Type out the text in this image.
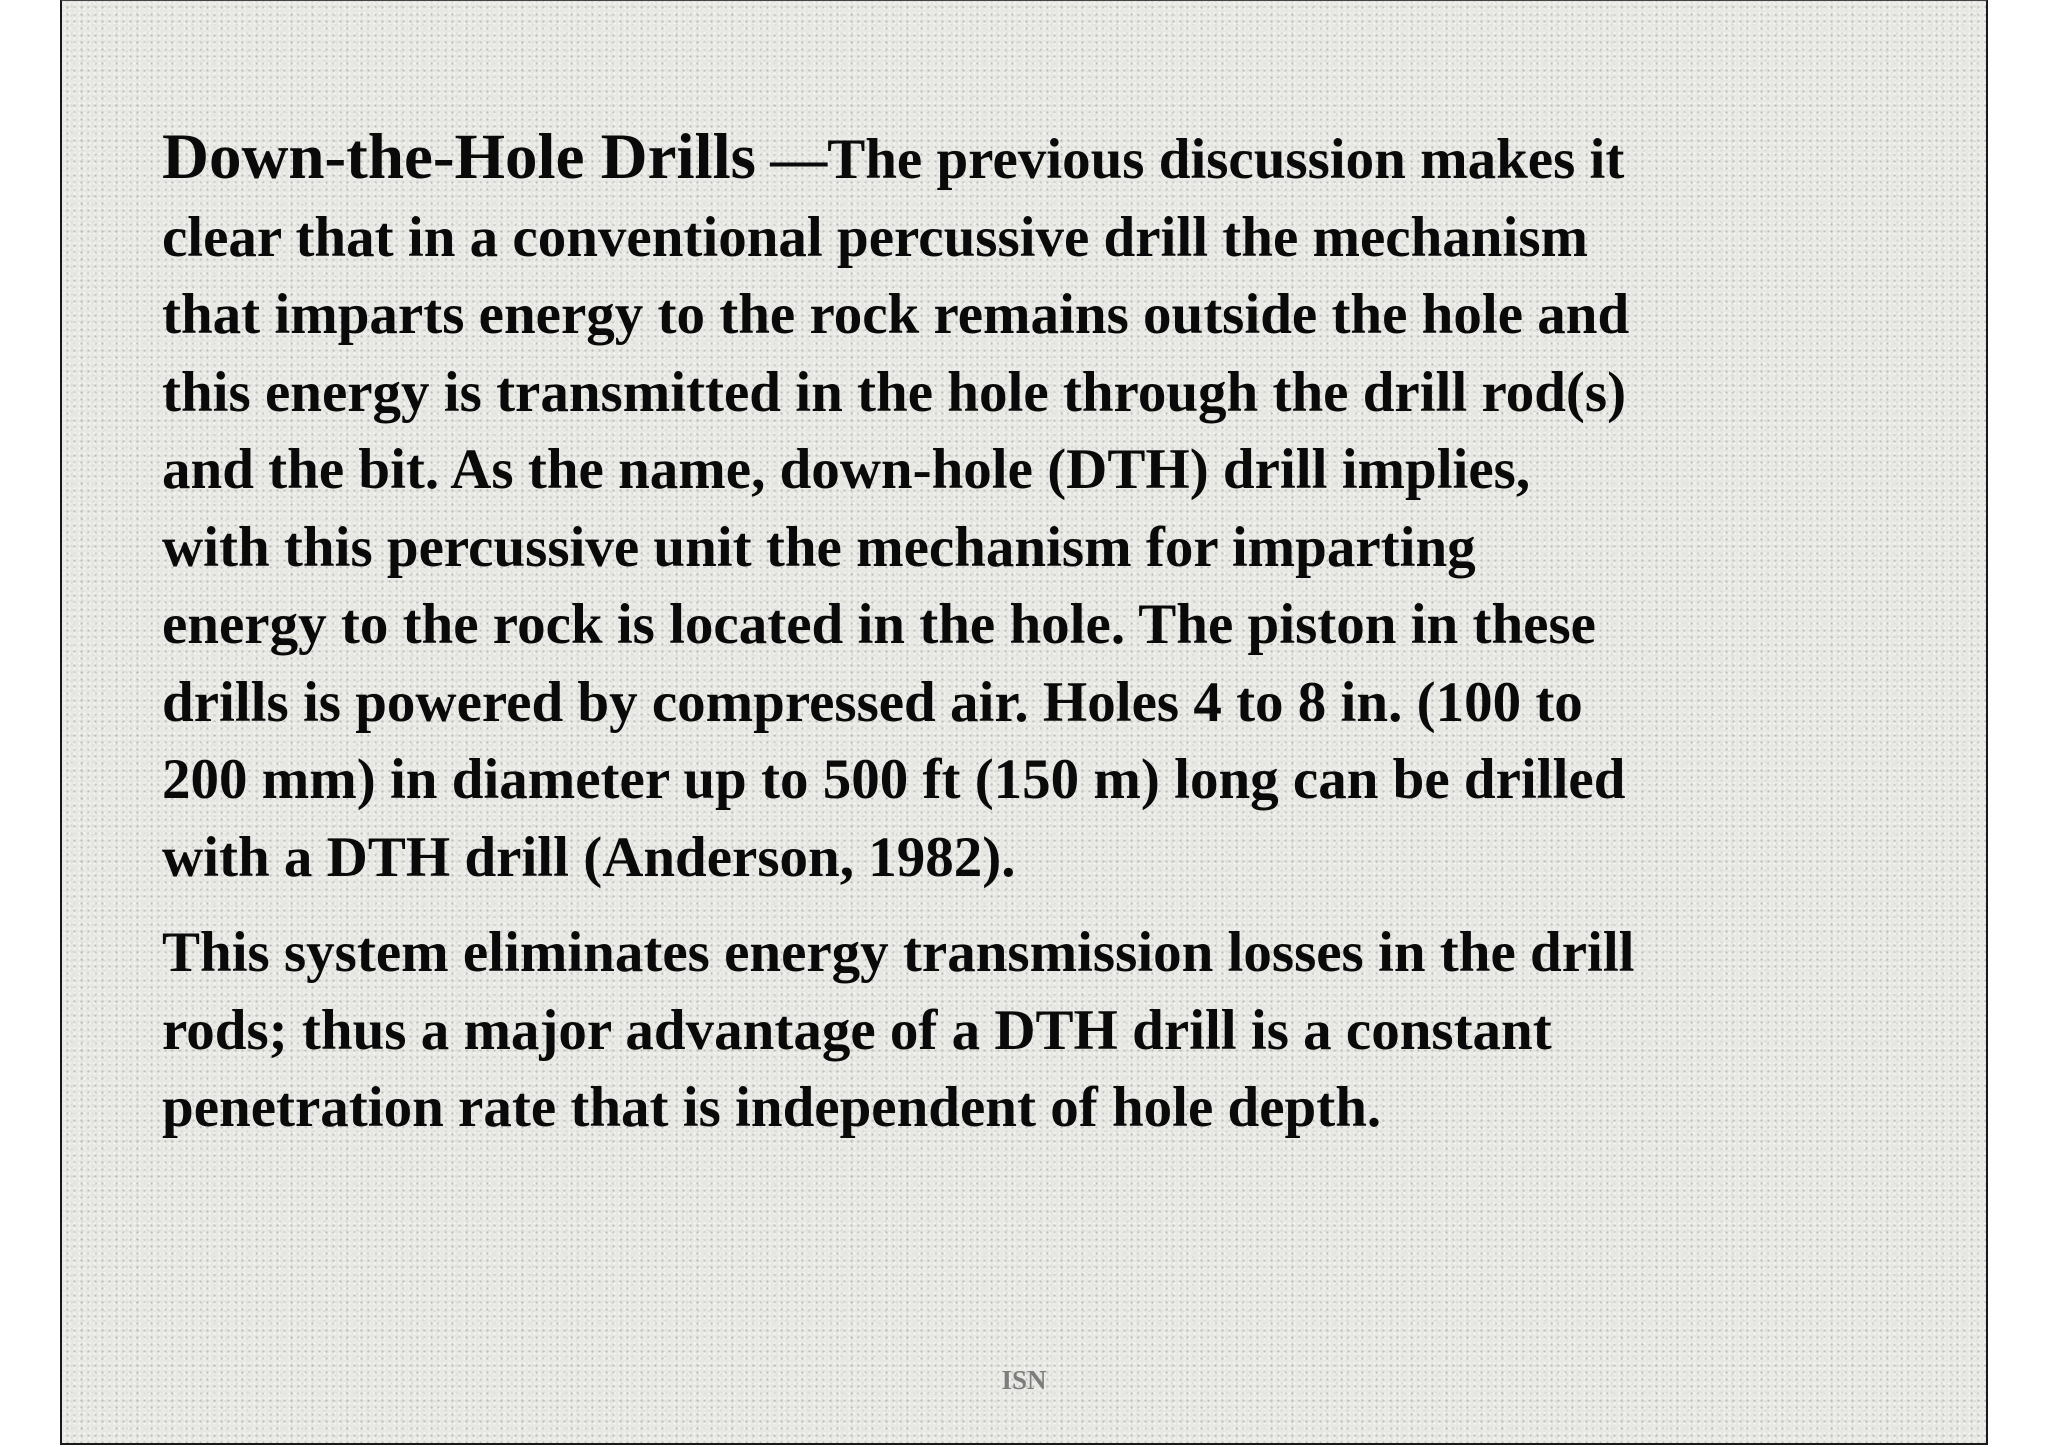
Down-the-Hole Drills —The previous discussion makes it
clear that in a conventional percussive drill the mechanism
that imparts energy to the rock remains outside the hole and
this energy is transmitted in the hole through the drill rod(s)
and the bit. As the name, down-hole (DTH) drill implies,
with this percussive unit the mechanism for imparting
energy to the rock is located in the hole. The piston in these
drills is powered by compressed air. Holes 4 to 8 in. (100 to
200 mm) in diameter up to 500 ft (150 m) long can be drilled
with a DTH drill (Anderson, 1982).

This system eliminates energy transmission losses in the drill
rods; thus a major advantage of a DTH drill is a constant
penetration rate that is independent of hole depth.

ISN
